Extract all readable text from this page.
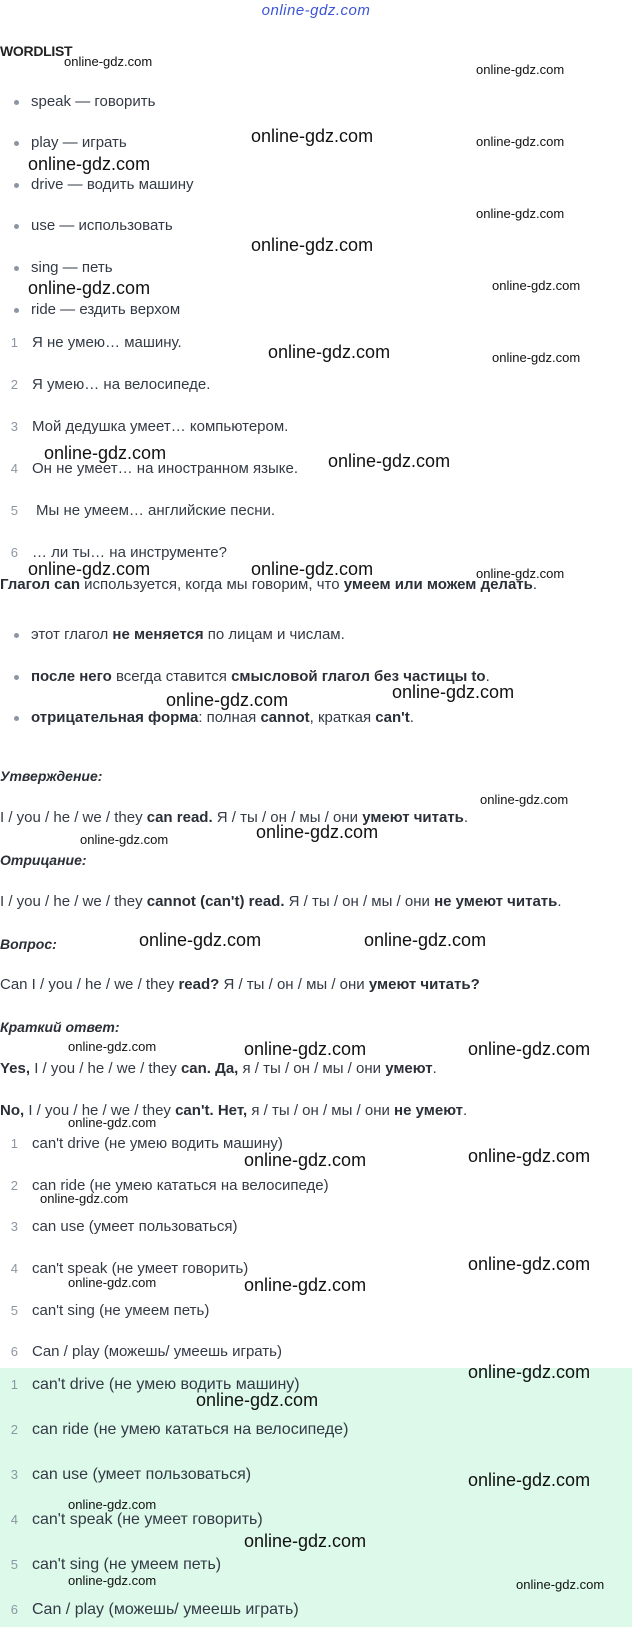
online-gdz.com
WORDLIST
speak — говорить
play — играть
drive — водить машину
use — использовать
sing — петь
ride — ездить верхом
1 Я не умею… машину.
2 Я умею… на велосипеде.
3 Мой дедушка умеет… компьютером.
4 Он не умеет… на иностранном языке.
5 Мы не умеем… английские песни.
6 … ли ты… на инструменте?
Глагол can используется, когда мы говорим, что умеем или можем делать.
этот глагол не меняется по лицам и числам.
после него всегда ставится смысловой глагол без частицы to.
отрицательная форма: полная cannot, краткая can't.
Утверждение:
I / you / he / we / they can read. Я / ты / он / мы / они умеют читать.
Отрицание:
I / you / he / we / they cannot (can't) read. Я / ты / он / мы / они не умеют читать.
Вопрос:
Can I / you / he / we / they read? Я / ты / он / мы / они умеют читать?
Краткий ответ:
Yes, I / you / he / we / they can. Да, я / ты / он / мы / они умеют.
No, I / you / he / we / they can't. Нет, я / ты / он / мы / они не умеют.
1 can't drive (не умею водить машину)
2 can ride (не умею кататься на велосипеде)
3 can use (умеет пользоваться)
4 can't speak (не умеет говорить)
5 can't sing (не умеем петь)
6 Can / play (можешь/ умеешь играть)
1 can't drive (не умею водить машину)
2 can ride (не умею кататься на велосипеде)
3 can use (умеет пользоваться)
4 can't speak (не умеет говорить)
5 can't sing (не умеем петь)
6 Can / play (можешь/ умеешь играть)
online-gdz.com
online-gdz.com
online-gdz.com	online-gdz.com
online-gdz.com
online-gdz.com
online-gdz.com
online-gdz.com	online-gdz.com
online-gdz.com	online-gdz.com
online-gdz.com	online-gdz.com
online-gdz.com	online-gdz.com	online-gdz.com
online-gdz.com	online-gdz.com
online-gdz.com
online-gdz.com
online-gdz.com
online-gdz.com	online-gdz.com
online-gdz.com	online-gdz.com	online-gdz.com
online-gdz.com
online-gdz.com	online-gdz.com
online-gdz.com
online-gdz.com
online-gdz.com	online-gdz.com
online-gdz.com
online-gdz.com
online-gdz.com
online-gdz.com
online-gdz.com
online-gdz.com	online-gdz.com
